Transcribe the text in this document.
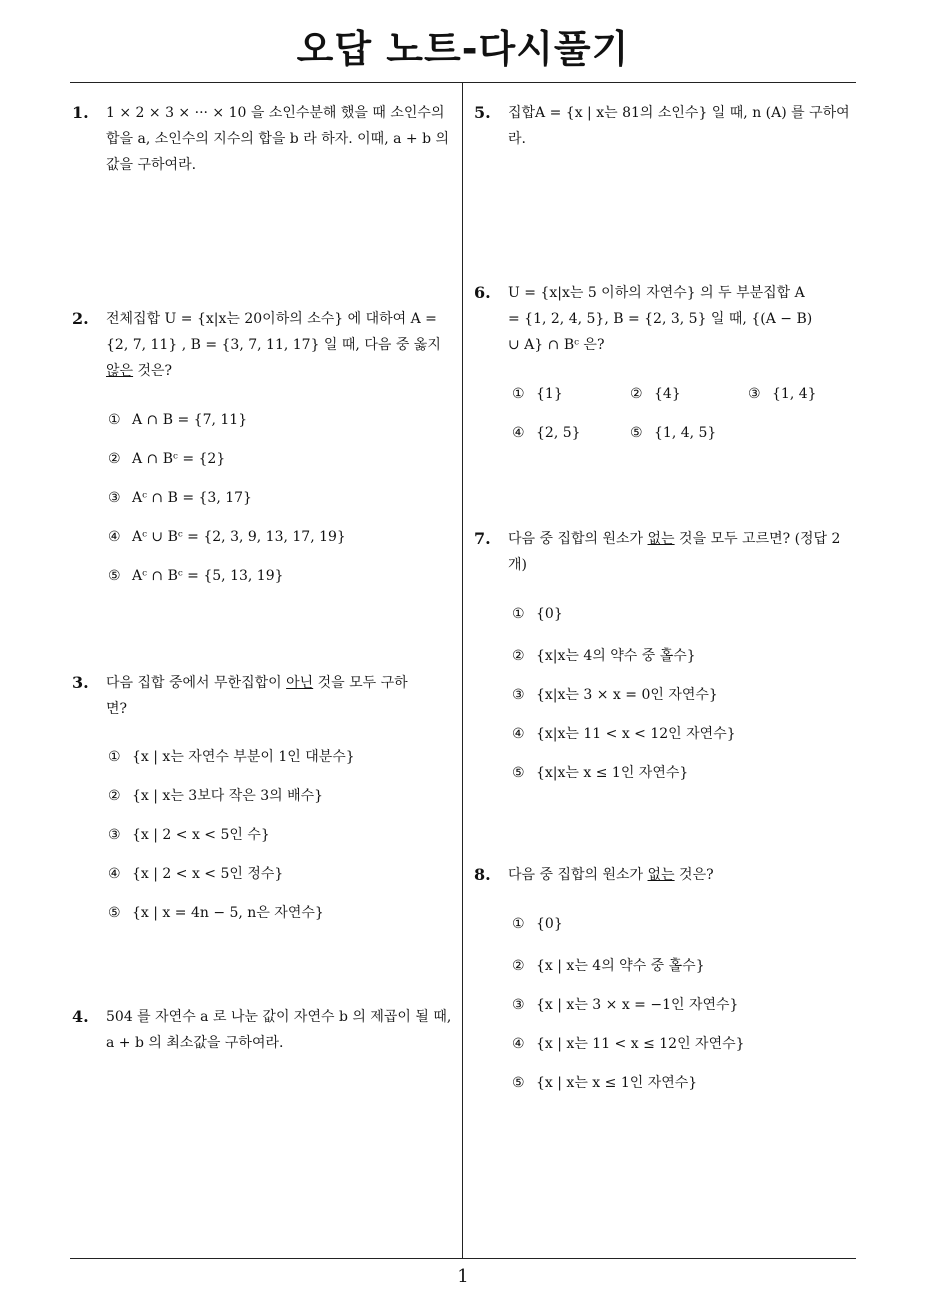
오답 노트-다시풀기
1
1. 1 × 2 × 3 × ··· × 10 을 소인수분해 했을 때 소인수의 합을 a, 소인수의 지수의 합을 b 라 하자. 이때, a + b 의 값을 구하여라.
2. 전체집합 U = {x|x는 20이하의 소수} 에 대하여 A = {2, 7, 11} , B = {3, 7, 11, 17} 일 때, 다음 중 옳지 않은 것은?
① A ∩ B = {7, 11}
② A ∩ Bᶜ = {2}
③ Aᶜ ∩ B = {3, 17}
④ Aᶜ ∪ Bᶜ = {2, 3, 9, 13, 17, 19}
⑤ Aᶜ ∩ Bᶜ = {5, 13, 19}
3. 다음 집합 중에서 무한집합이 아닌 것을 모두 구하면?
① {x | x는 자연수 부분이 1인 대분수}
② {x | x는 3보다 작은 3의 배수}
③ {x | 2 < x < 5인 수}
④ {x | 2 < x < 5인 정수}
⑤ {x | x = 4n − 5, n은 자연수}
4. 504 를 자연수 a 로 나눈 값이 자연수 b 의 제곱이 될 때, a + b 의 최소값을 구하여라.
5. 집합A = {x | x는 81의 소인수} 일 때, n (A) 를 구하여라.
6. U = {x|x는 5 이하의 자연수} 의 두 부분집합 A = {1, 2, 4, 5}, B = {2, 3, 5} 일 때, {(A − B) ∪ A} ∩ Bᶜ 은?
① {1}	② {4}	③ {1, 4}
④ {2, 5}	⑤ {1, 4, 5}
7. 다음 중 집합의 원소가 없는 것을 모두 고르면? (정답 2개)
① {0}
② {x|x는 4의 약수 중 홀수}
③ {x|x는 3 × x = 0인 자연수}
④ {x|x는 11 < x < 12인 자연수}
⑤ {x|x는 x ≤ 1인 자연수}
8. 다음 중 집합의 원소가 없는 것은?
① {0}
② {x | x는 4의 약수 중 홀수}
③ {x | x는 3 × x = −1인 자연수}
④ {x | x는 11 < x ≤ 12인 자연수}
⑤ {x | x는 x ≤ 1인 자연수}
